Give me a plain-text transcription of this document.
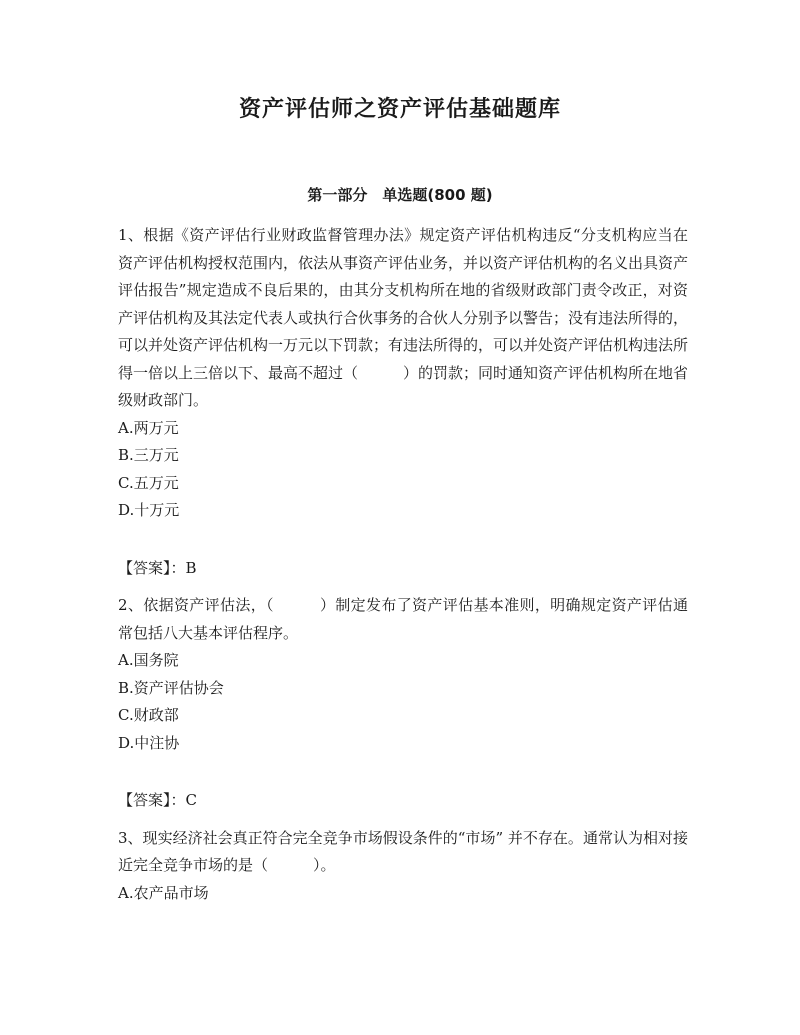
资产评估师之资产评估基础题库
第一部分　单选题(800 题)

1、根据《资产评估行业财政监督管理办法》规定资产评估机构违反“分支机构应当在资产评估机构授权范围内，依法从事资产评估业务，并以资产评估机构的名义出具资产评估报告”规定造成不良后果的，由其分支机构所在地的省级财政部门责令改正，对资产评估机构及其法定代表人或执行合伙事务的合伙人分别予以警告；没有违法所得的，可以并处资产评估机构一万元以下罚款；有违法所得的，可以并处资产评估机构违法所得一倍以上三倍以下、最高不超过（　　　）的罚款；同时通知资产评估机构所在地省级财政部门。

A.两万元

B.三万元

C.五万元

D.十万元

【答案】：B

2、依据资产评估法，（　　　）制定发布了资产评估基本准则，明确规定资产评估通常包括八大基本评估程序。

A.国务院

B.资产评估协会

C.财政部

D.中注协

【答案】：C

3、现实经济社会真正符合完全竞争市场假设条件的“市场” 并不存在。通常认为相对接近完全竞争市场的是（　　　）。

A.农产品市场
